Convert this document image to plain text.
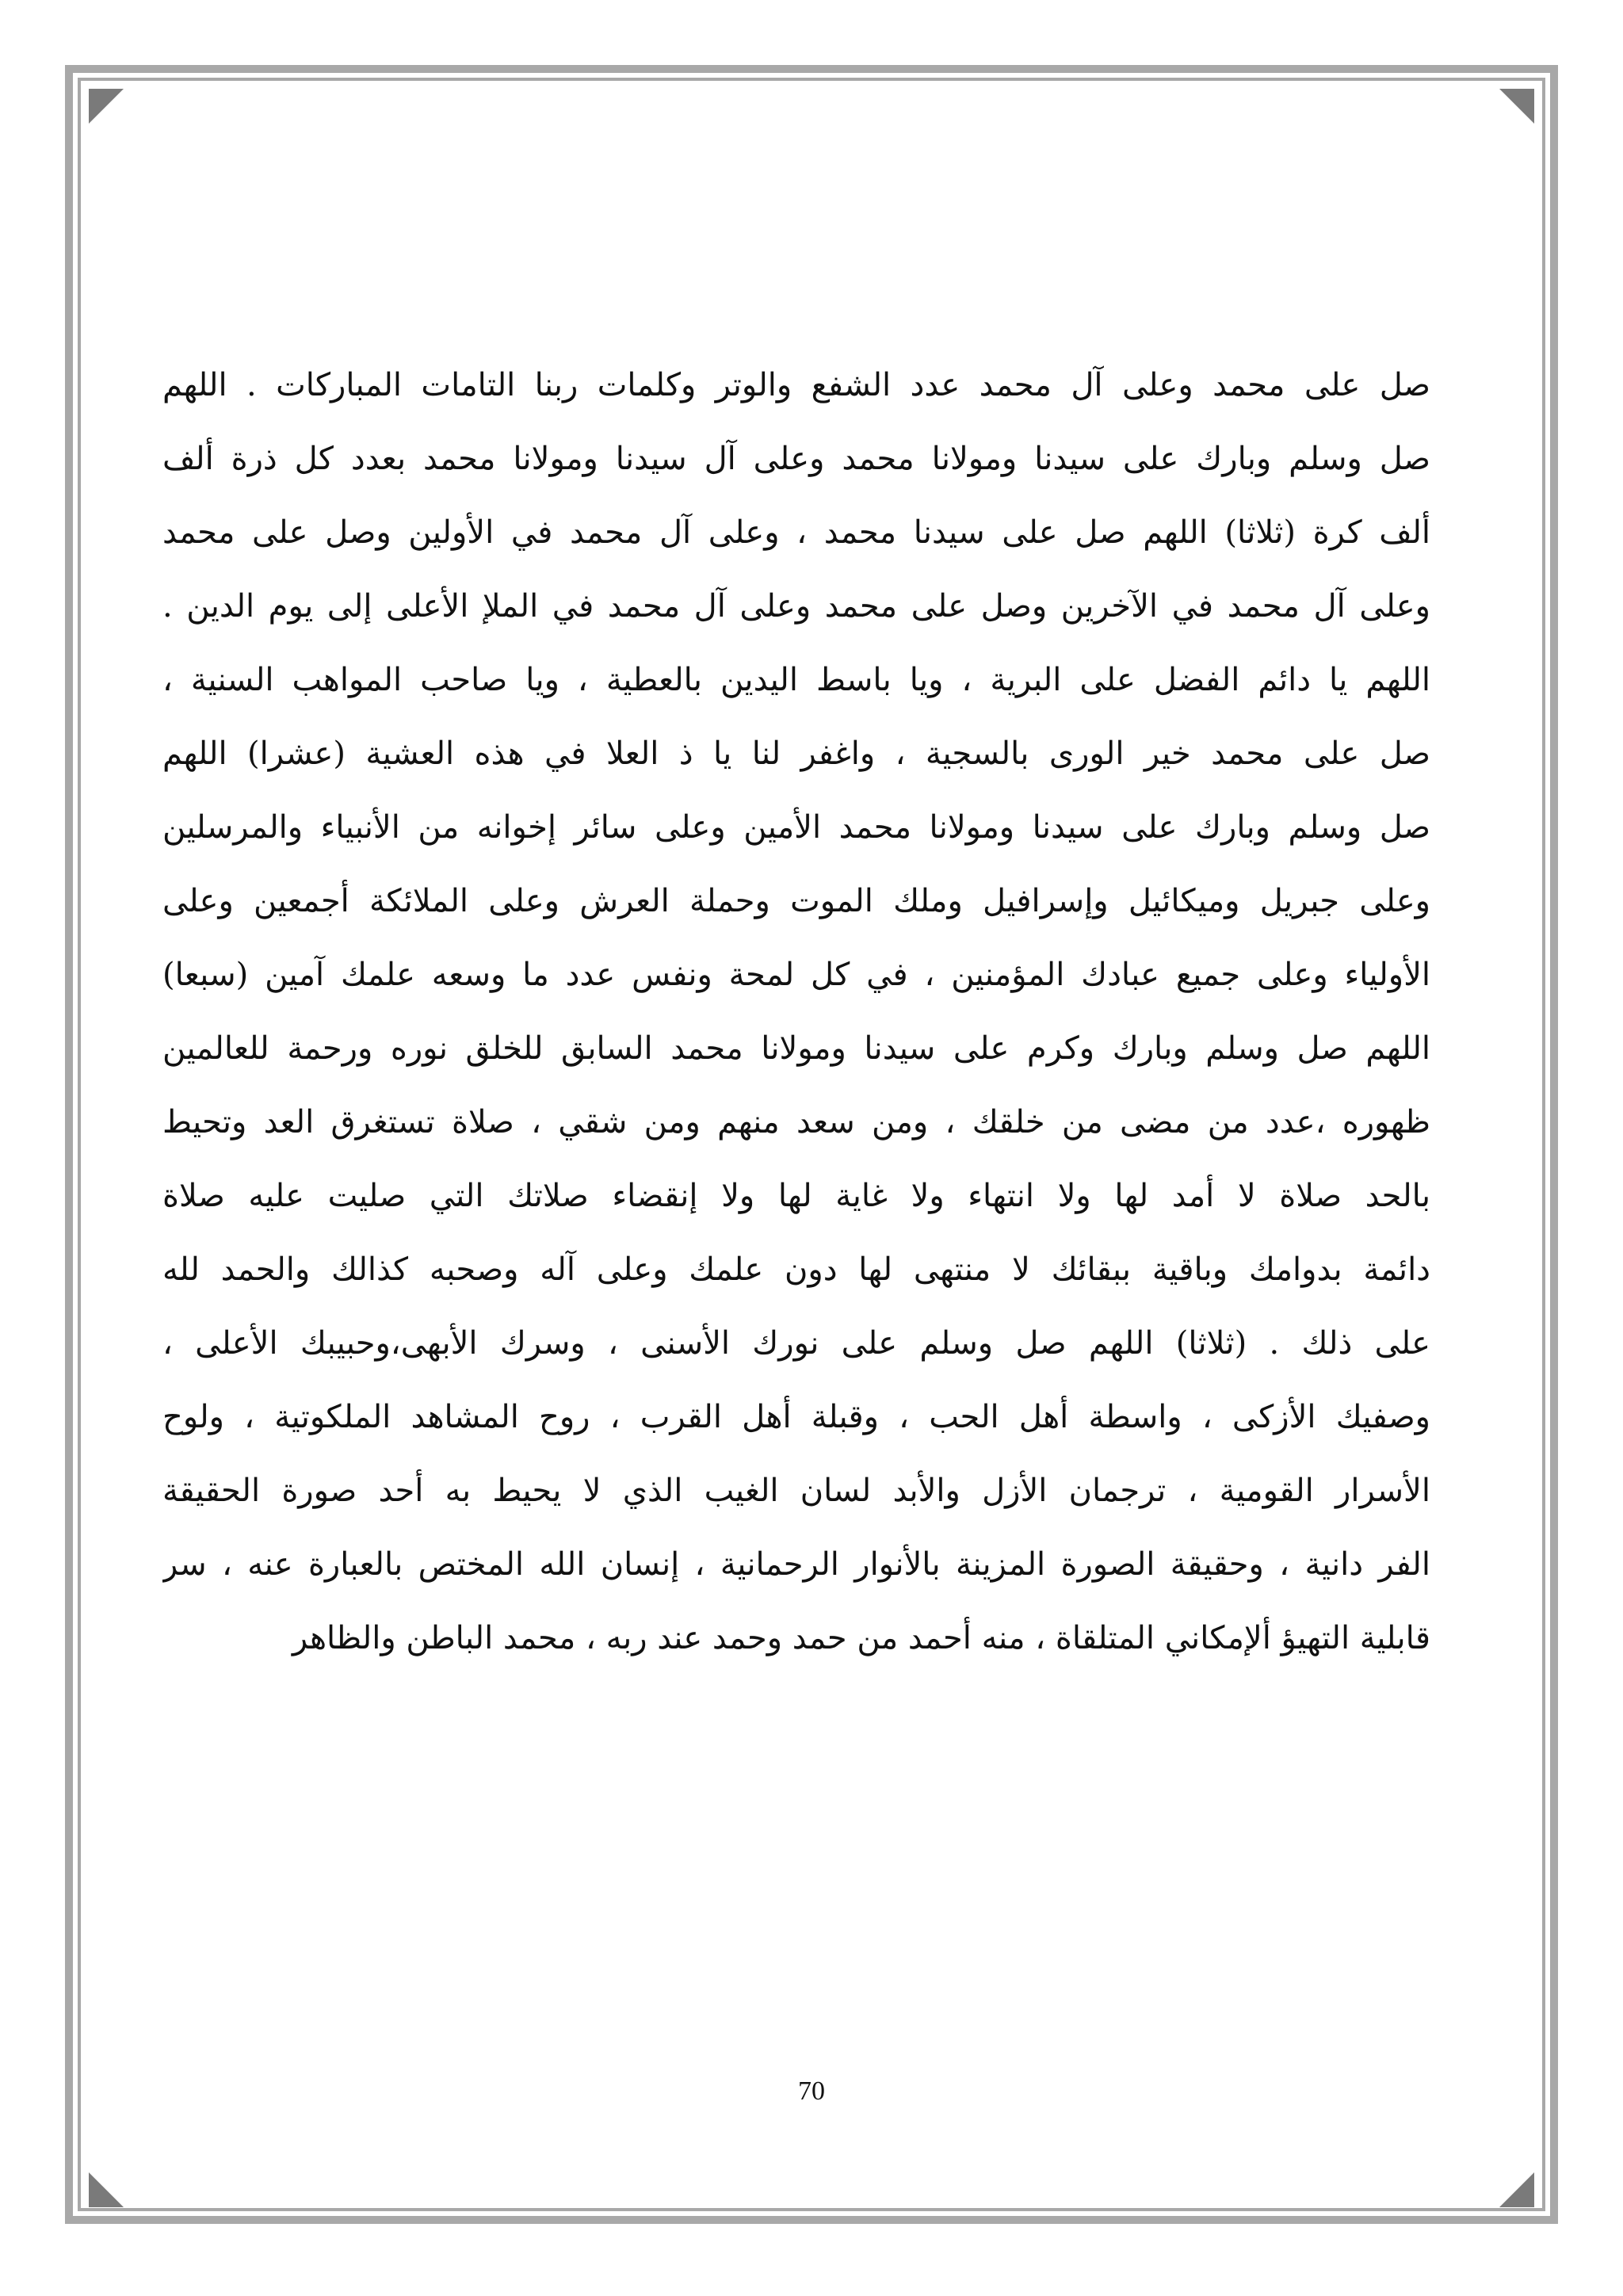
صل على محمد وعلى آل محمد عدد الشفع والوتر وكلمات ربنا التامات المباركات . اللهم
صل وسلم وبارك على سيدنا ومولانا محمد وعلى آل سيدنا ومولانا محمد بعدد كل ذرة ألف
ألف كرة (ثلاثا) اللهم صل على سيدنا محمد ، وعلى آل محمد في الأولين وصل على محمد
وعلى آل محمد في الآخرين وصل على محمد وعلى آل محمد في الملإ الأعلى إلى يوم الدين .
اللهم يا دائم الفضل على البرية ، ويا باسط اليدين بالعطية ، ويا صاحب المواهب السنية ،
صل على محمد خير الورى بالسجية ، واغفر لنا يا ذ العلا في هذه العشية (عشرا) اللهم
صل وسلم وبارك على سيدنا ومولانا محمد الأمين وعلى سائر إخوانه من الأنبياء والمرسلين
وعلى جبريل وميكائيل وإسرافيل وملك الموت وحملة العرش وعلى الملائكة أجمعين وعلى
الأولياء وعلى جميع عبادك المؤمنين ، في كل لمحة ونفس عدد ما وسعه علمك آمين (سبعا)
اللهم صل وسلم وبارك وكرم على سيدنا ومولانا محمد السابق للخلق نوره ورحمة للعالمين
ظهوره ،عدد من مضى من خلقك ، ومن سعد منهم ومن شقي ، صلاة تستغرق العد وتحيط
بالحد صلاة لا أمد لها ولا انتهاء ولا غاية لها ولا إنقضاء صلاتك التي صليت عليه صلاة
دائمة بدوامك وباقية ببقائك لا منتهى لها دون علمك وعلى آله وصحبه كذالك والحمد لله
على ذلك . (ثلاثا) اللهم صل وسلم على نورك الأسنى ، وسرك الأبهى،وحبيبك الأعلى ،
وصفيك الأزكى ، واسطة أهل الحب ، وقبلة أهل القرب ، روح المشاهد الملكوتية ، ولوح
الأسرار القومية ، ترجمان الأزل والأبد لسان الغيب الذي لا يحيط به أحد صورة الحقيقة
الفر دانية ، وحقيقة الصورة المزينة بالأنوار الرحمانية ، إنسان الله المختص بالعبارة عنه ، سر
قابلية التهيؤ ألإمكاني المتلقاة ، منه أحمد من حمد وحمد عند ربه ، محمد الباطن والظاهر
70
